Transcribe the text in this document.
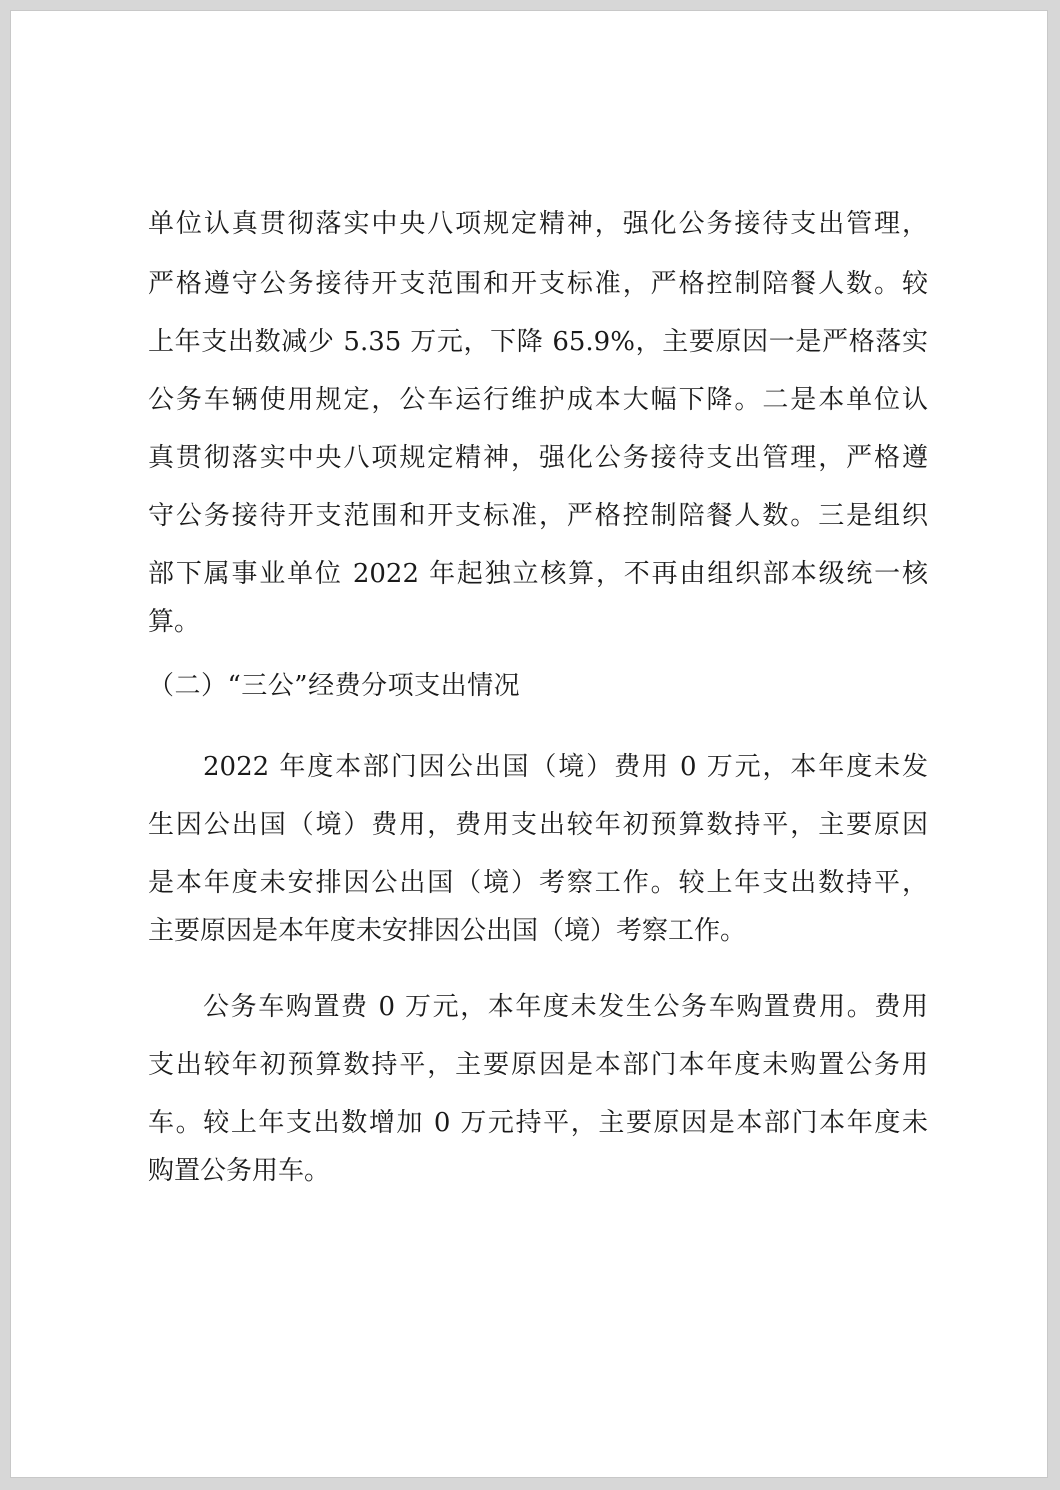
单位认真贯彻落实中央八项规定精神，强化公务接待支出管理，
严格遵守公务接待开支范围和开支标准，严格控制陪餐人数。较
上年支出数减少 5.35 万元，下降 65.9%，主要原因一是严格落实
公务车辆使用规定，公车运行维护成本大幅下降。二是本单位认
真贯彻落实中央八项规定精神，强化公务接待支出管理，严格遵
守公务接待开支范围和开支标准，严格控制陪餐人数。三是组织
部下属事业单位 2022 年起独立核算，不再由组织部本级统一核
算。
（二）“三公”经费分项支出情况
2022 年度本部门因公出国（境）费用 0 万元，本年度未发
生因公出国（境）费用，费用支出较年初预算数持平，主要原因
是本年度未安排因公出国（境）考察工作。较上年支出数持平，
主要原因是本年度未安排因公出国（境）考察工作。
公务车购置费 0 万元，本年度未发生公务车购置费用。费用
支出较年初预算数持平，主要原因是本部门本年度未购置公务用
车。较上年支出数增加 0 万元持平，主要原因是本部门本年度未
购置公务用车。
